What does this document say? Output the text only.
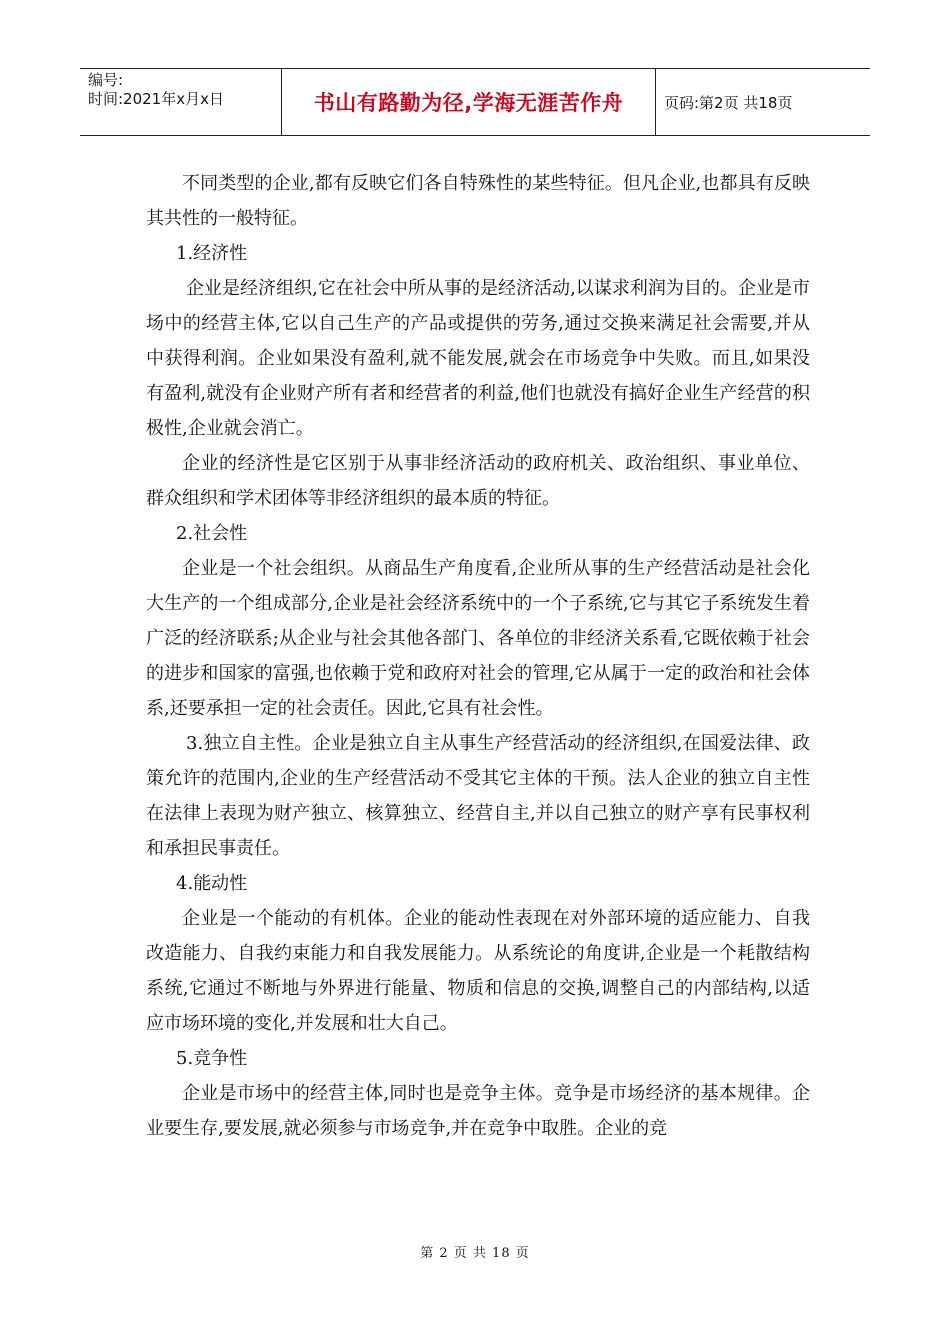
编号:
时间:2021年x月x日	书山有路勤为径,学海无涯苦作舟	页码:第2页 共18页

不同类型的企业,都有反映它们各自特殊性的某些特征。但凡企业,也都具有反映其共性的一般特征。

1.经济性

企业是经济组织,它在社会中所从事的是经济活动,以谋求利润为目的。企业是市场中的经营主体,它以自己生产的产品或提供的劳务,通过交换来满足社会需要,并从中获得利润。企业如果没有盈利,就不能发展,就会在市场竞争中失败。而且,如果没有盈利,就没有企业财产所有者和经营者的利益,他们也就没有搞好企业生产经营的积极性,企业就会消亡。

企业的经济性是它区别于从事非经济活动的政府机关、政治组织、事业单位、群众组织和学术团体等非经济组织的最本质的特征。

2.社会性

企业是一个社会组织。从商品生产角度看,企业所从事的生产经营活动是社会化大生产的一个组成部分,企业是社会经济系统中的一个子系统,它与其它子系统发生着广泛的经济联系;从企业与社会其他各部门、各单位的非经济关系看,它既依赖于社会的进步和国家的富强,也依赖于党和政府对社会的管理,它从属于一定的政治和社会体系,还要承担一定的社会责任。因此,它具有社会性。

3.独立自主性。企业是独立自主从事生产经营活动的经济组织,在国爱法律、政策允许的范围内,企业的生产经营活动不受其它主体的干预。法人企业的独立自主性在法律上表现为财产独立、核算独立、经营自主,并以自己独立的财产享有民事权利和承担民事责任。

4.能动性

企业是一个能动的有机体。企业的能动性表现在对外部环境的适应能力、自我改造能力、自我约束能力和自我发展能力。从系统论的角度讲,企业是一个耗散结构系统,它通过不断地与外界进行能量、物质和信息的交换,调整自己的内部结构,以适应市场环境的变化,并发展和壮大自己。

5.竞争性

企业是市场中的经营主体,同时也是竞争主体。竞争是市场经济的基本规律。企业要生存,要发展,就必须参与市场竞争,并在竞争中取胜。企业的竞

第 2 页 共 18 页
